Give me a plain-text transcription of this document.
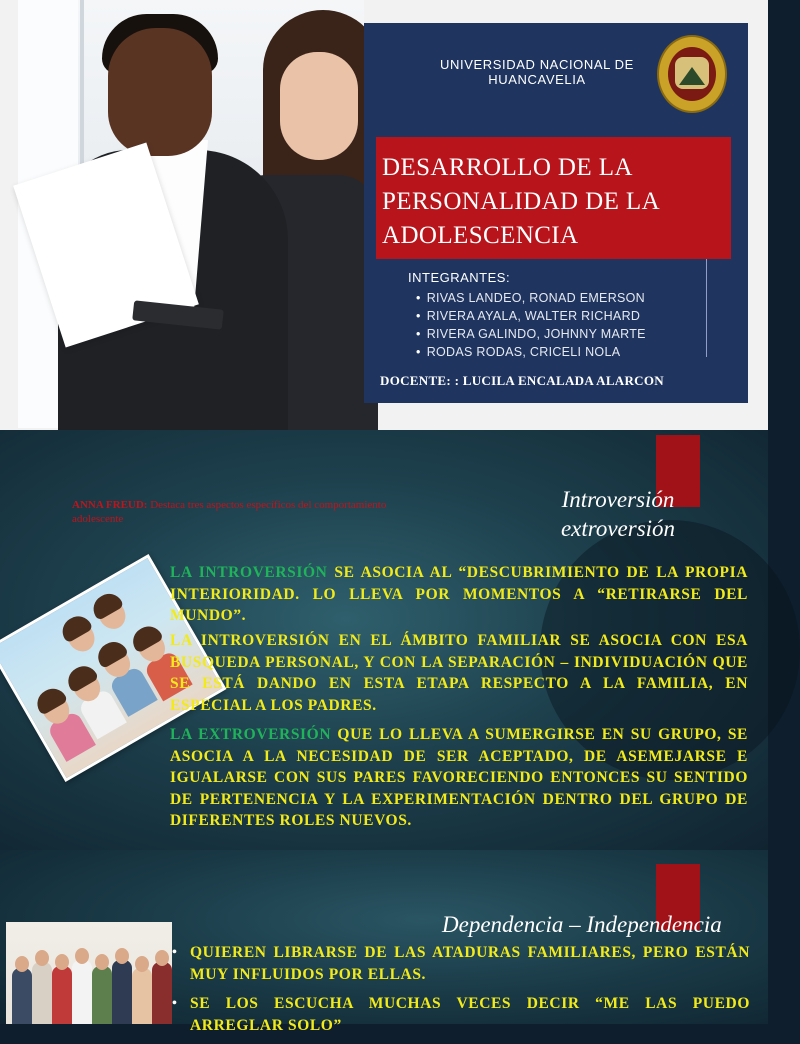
UNIVERSIDAD NACIONAL DE HUANCAVELIA
DESARROLLO DE LA PERSONALIDAD DE LA ADOLESCENCIA
INTEGRANTES:
• RIVAS LANDEO, RONAD EMERSON
• RIVERA AYALA, WALTER RICHARD
• RIVERA GALINDO, JOHNNY MARTE
• RODAS RODAS, CRICELI NOLA
DOCENTE: : LUCILA ENCALADA ALARCON
ANNA FREUD: Destaca tres aspectos específicos del comportamiento adolescente
Introversión extroversión

LA INTROVERSIÓN SE ASOCIA AL “DESCUBRIMIENTO DE LA PROPIA INTERIORIDAD. LO LLEVA POR MOMENTOS A “RETIRARSE DEL MUNDO”.

LA INTROVERSIÓN EN EL ÁMBITO FAMILIAR SE ASOCIA CON ESA BUSQUEDA PERSONAL, Y CON LA SEPARACIÓN – INDIVIDUACIÓN QUE SE ESTÁ DANDO EN ESTA ETAPA RESPECTO A LA FAMILIA, EN ESPECIAL A LOS PADRES.

LA EXTROVERSIÓN QUE LO LLEVA A SUMERGIRSE EN SU GRUPO, SE ASOCIA A LA NECESIDAD DE SER ACEPTADO, DE ASEMEJARSE E IGUALARSE CON SUS PARES FAVORECIENDO ENTONCES SU SENTIDO DE PERTENENCIA Y LA EXPERIMENTACIÓN DENTRO DEL GRUPO DE DIFERENTES ROLES NUEVOS.

Dependencia – Independencia
• QUIEREN LIBRARSE DE LAS ATADURAS FAMILIARES, PERO ESTÁN MUY INFLUIDOS POR ELLAS.
• SE LOS ESCUCHA MUCHAS VECES DECIR “ME LAS PUEDO ARREGLAR SOLO”
